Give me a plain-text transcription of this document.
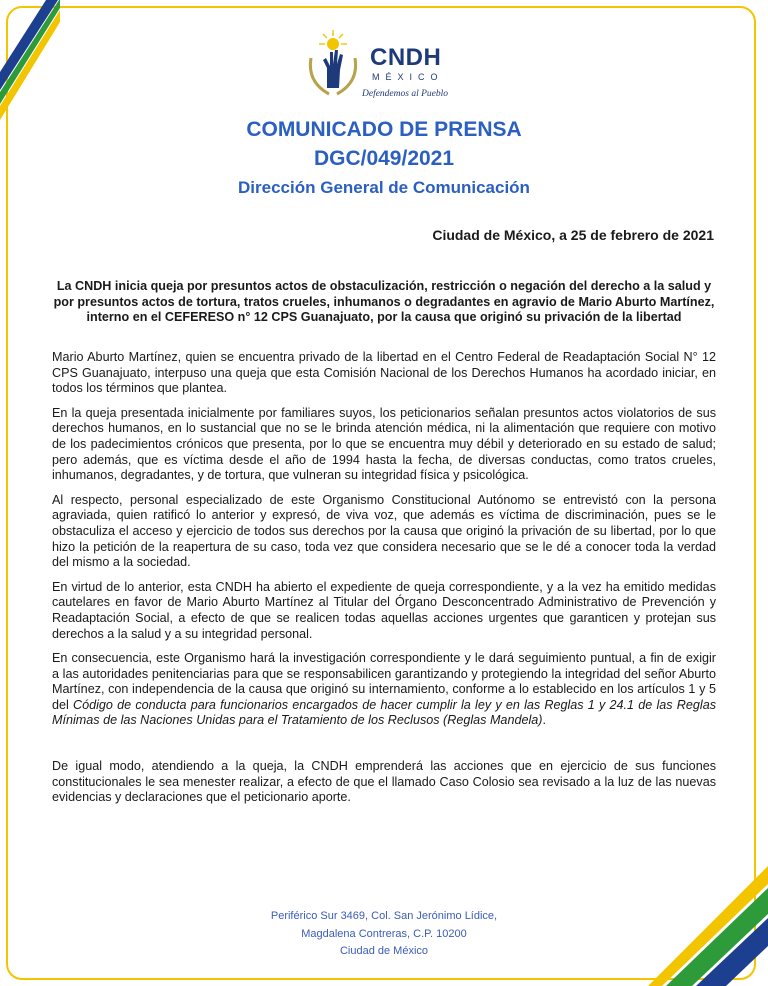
CNDH
MÉXICO
Defendemos al Pueblo
COMUNICADO DE PRENSA
DGC/049/2021
Dirección General de Comunicación
Ciudad de México, a 25 de febrero de 2021
La CNDH inicia queja por presuntos actos de obstaculización, restricción o negación del derecho a la salud y por presuntos actos de tortura, tratos crueles, inhumanos o degradantes en agravio de Mario Aburto Martínez, interno en el CEFERESO n° 12 CPS Guanajuato, por la causa que originó su privación de la libertad

Mario Aburto Martínez, quien se encuentra privado de la libertad en el Centro Federal de Readaptación Social N° 12 CPS Guanajuato, interpuso una queja que esta Comisión Nacional de los Derechos Humanos ha acordado iniciar, en todos los términos que plantea.

En la queja presentada inicialmente por familiares suyos, los peticionarios señalan presuntos actos violatorios de sus derechos humanos, en lo sustancial que no se le brinda atención médica, ni la alimentación que requiere con motivo de los padecimientos crónicos que presenta, por lo que se encuentra muy débil y deteriorado en su estado de salud; pero además, que es víctima desde el año de 1994 hasta la fecha, de diversas conductas, como tratos crueles, inhumanos, degradantes, y de tortura, que vulneran su integridad física y psicológica.

Al respecto, personal especializado de este Organismo Constitucional Autónomo se entrevistó con la persona agraviada, quien ratificó lo anterior y expresó, de viva voz, que además es víctima de discriminación, pues se le obstaculiza el acceso y ejercicio de todos sus derechos por la causa que originó la privación de su libertad, por lo que hizo la petición de la reapertura de su caso, toda vez que considera necesario que se le dé a conocer toda la verdad del mismo a la sociedad.

En virtud de lo anterior, esta CNDH ha abierto el expediente de queja correspondiente, y a la vez ha emitido medidas cautelares en favor de Mario Aburto Martínez al Titular del Órgano Desconcentrado Administrativo de Prevención y Readaptación Social, a efecto de que se realicen todas aquellas acciones urgentes que garanticen y protejan sus derechos a la salud y a su integridad personal.

En consecuencia, este Organismo hará la investigación correspondiente y le dará seguimiento puntual, a fin de exigir a las autoridades penitenciarias para que se responsabilicen garantizando y protegiendo la integridad del señor Aburto Martínez, con independencia de la causa que originó su internamiento, conforme a lo establecido en los artículos 1 y 5 del Código de conducta para funcionarios encargados de hacer cumplir la ley y en las Reglas 1 y 24.1 de las Reglas Mínimas de las Naciones Unidas para el Tratamiento de los Reclusos (Reglas Mandela).

De igual modo, atendiendo a la queja, la CNDH emprenderá las acciones que en ejercicio de sus funciones constitucionales le sea menester realizar, a efecto de que el llamado Caso Colosio sea revisado a la luz de las nuevas evidencias y declaraciones que el peticionario aporte.

Periférico Sur 3469, Col. San Jerónimo Lídice,
Magdalena Contreras, C.P. 10200
Ciudad de México
